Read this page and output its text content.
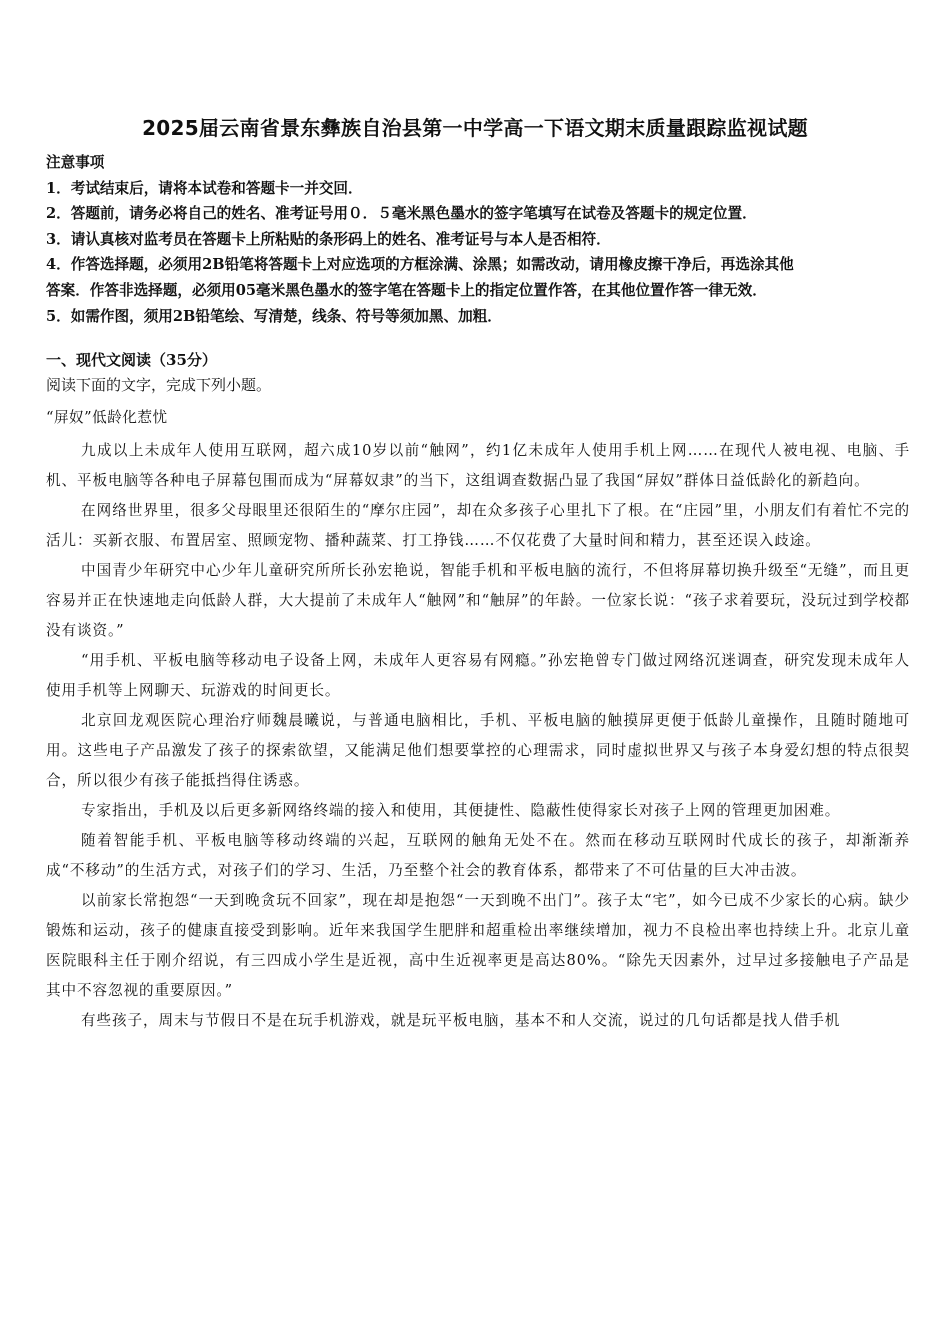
2025届云南省景东彝族自治县第一中学高一下语文期末质量跟踪监视试题
注意事项
1．考试结束后，请将本试卷和答题卡一并交回．
2．答题前，请务必将自己的姓名、准考证号用０．５毫米黑色墨水的签字笔填写在试卷及答题卡的规定位置．
3．请认真核对监考员在答题卡上所粘贴的条形码上的姓名、准考证号与本人是否相符．
4．作答选择题，必须用2B铅笔将答题卡上对应选项的方框涂满、涂黑；如需改动，请用橡皮擦干净后，再选涂其他
答案．作答非选择题，必须用05毫米黑色墨水的签字笔在答题卡上的指定位置作答，在其他位置作答一律无效．
5．如需作图，须用2B铅笔绘、写清楚，线条、符号等须加黑、加粗．
一、现代文阅读（35分）
阅读下面的文字，完成下列小题。
“屏奴”低龄化惹忧

九成以上未成年人使用互联网，超六成10岁以前“触网”，约1亿未成年人使用手机上网……在现代人被电视、电脑、手机、平板电脑等各种电子屏幕包围而成为“屏幕奴隶”的当下，这组调查数据凸显了我国“屏奴”群体日益低龄化的新趋向。

在网络世界里，很多父母眼里还很陌生的“摩尔庄园”，却在众多孩子心里扎下了根。在“庄园”里，小朋友们有着忙不完的活儿：买新衣服、布置居室、照顾宠物、播种蔬菜、打工挣钱……不仅花费了大量时间和精力，甚至还误入歧途。

中国青少年研究中心少年儿童研究所所长孙宏艳说，智能手机和平板电脑的流行，不但将屏幕切换升级至“无缝”，而且更容易并正在快速地走向低龄人群，大大提前了未成年人“触网”和“触屏”的年龄。一位家长说：“孩子求着要玩，没玩过到学校都没有谈资。”

“用手机、平板电脑等移动电子设备上网，未成年人更容易有网瘾。”孙宏艳曾专门做过网络沉迷调查，研究发现未成年人使用手机等上网聊天、玩游戏的时间更长。

北京回龙观医院心理治疗师魏晨曦说，与普通电脑相比，手机、平板电脑的触摸屏更便于低龄儿童操作，且随时随地可用。这些电子产品激发了孩子的探索欲望，又能满足他们想要掌控的心理需求，同时虚拟世界又与孩子本身爱幻想的特点很契合，所以很少有孩子能抵挡得住诱惑。

专家指出，手机及以后更多新网络终端的接入和使用，其便捷性、隐蔽性使得家长对孩子上网的管理更加困难。

随着智能手机、平板电脑等移动终端的兴起，互联网的触角无处不在。然而在移动互联网时代成长的孩子，却渐渐养成“不移动”的生活方式，对孩子们的学习、生活，乃至整个社会的教育体系，都带来了不可估量的巨大冲击波。

以前家长常抱怨“一天到晚贪玩不回家”，现在却是抱怨“一天到晚不出门”。孩子太“宅”，如今已成不少家长的心病。缺少锻炼和运动，孩子的健康直接受到影响。近年来我国学生肥胖和超重检出率继续增加，视力不良检出率也持续上升。北京儿童医院眼科主任于刚介绍说，有三四成小学生是近视，高中生近视率更是高达80%。“除先天因素外，过早过多接触电子产品是其中不容忽视的重要原因。”

有些孩子，周末与节假日不是在玩手机游戏，就是玩平板电脑，基本不和人交流，说过的几句话都是找人借手机
